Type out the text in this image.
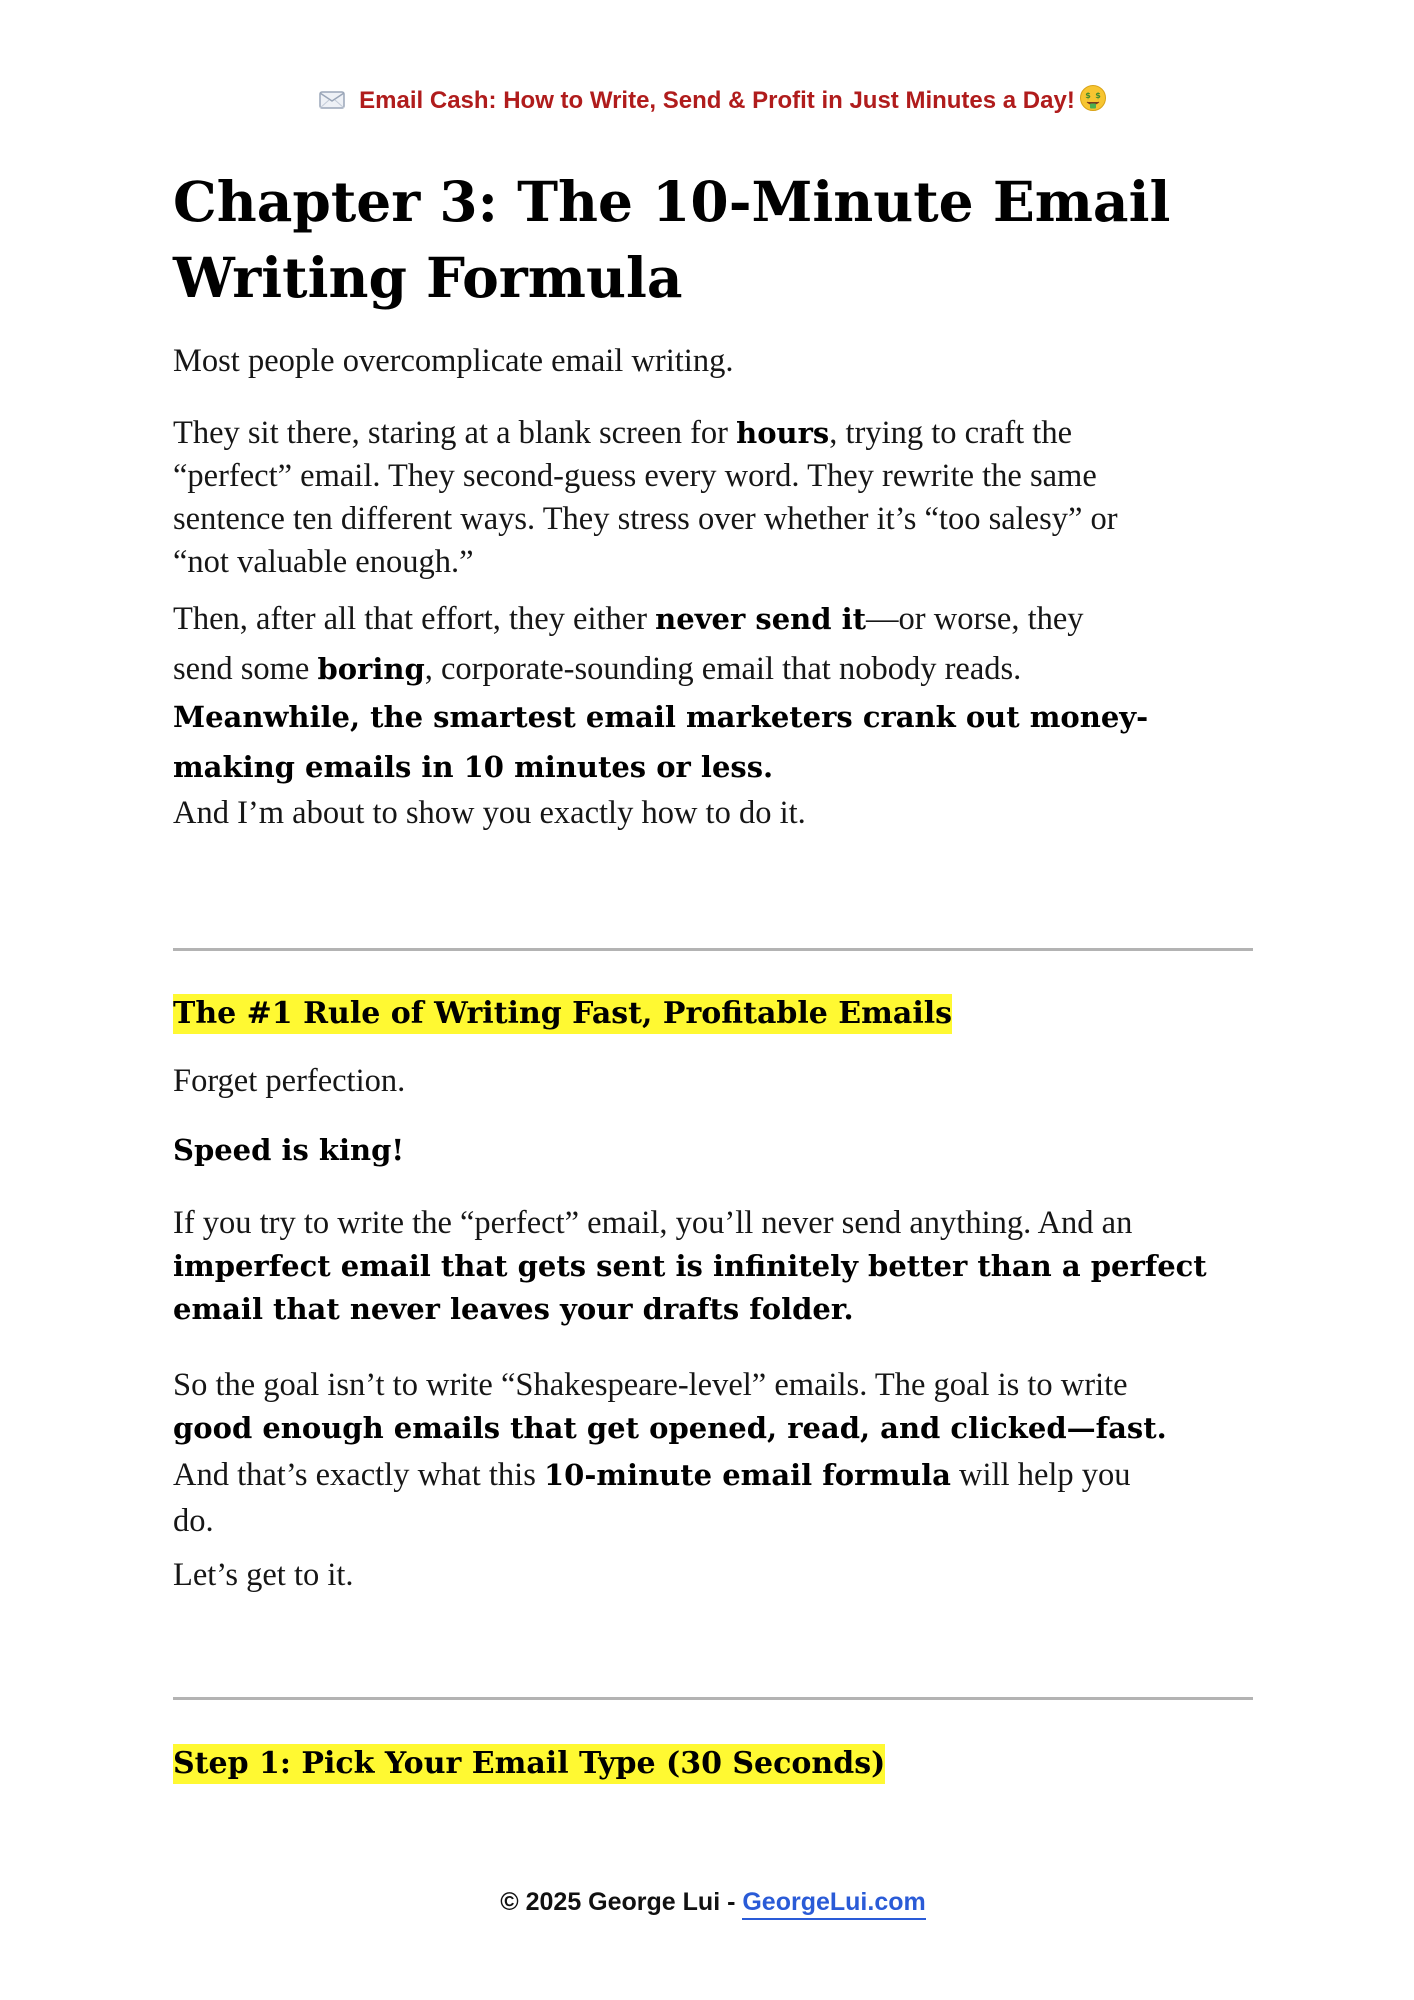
Email Cash: How to Write, Send & Profit in Just Minutes a Day! $ $
Chapter 3: The 10-Minute Email
Writing Formula

Most people overcomplicate email writing.

They sit there, staring at a blank screen for hours, trying to craft the
“perfect” email. They second-guess every word. They rewrite the same
sentence ten different ways. They stress over whether it’s “too salesy” or
“not valuable enough.”

Then, after all that effort, they either never send it—or worse, they
send some boring, corporate-sounding email that nobody reads.

Meanwhile, the smartest email marketers crank out money-
making emails in 10 minutes or less.

And I’m about to show you exactly how to do it.

The #1 Rule of Writing Fast, Profitable Emails

Forget perfection.

Speed is king!

If you try to write the “perfect” email, you’ll never send anything. And an
imperfect email that gets sent is infinitely better than a perfect
email that never leaves your drafts folder.

So the goal isn’t to write “Shakespeare-level” emails. The goal is to write
good enough emails that get opened, read, and clicked—fast.
And that’s exactly what this 10-minute email formula will help you
do.

Let’s get to it.

Step 1: Pick Your Email Type (30 Seconds)
© 2025 George Lui - GeorgeLui.com
